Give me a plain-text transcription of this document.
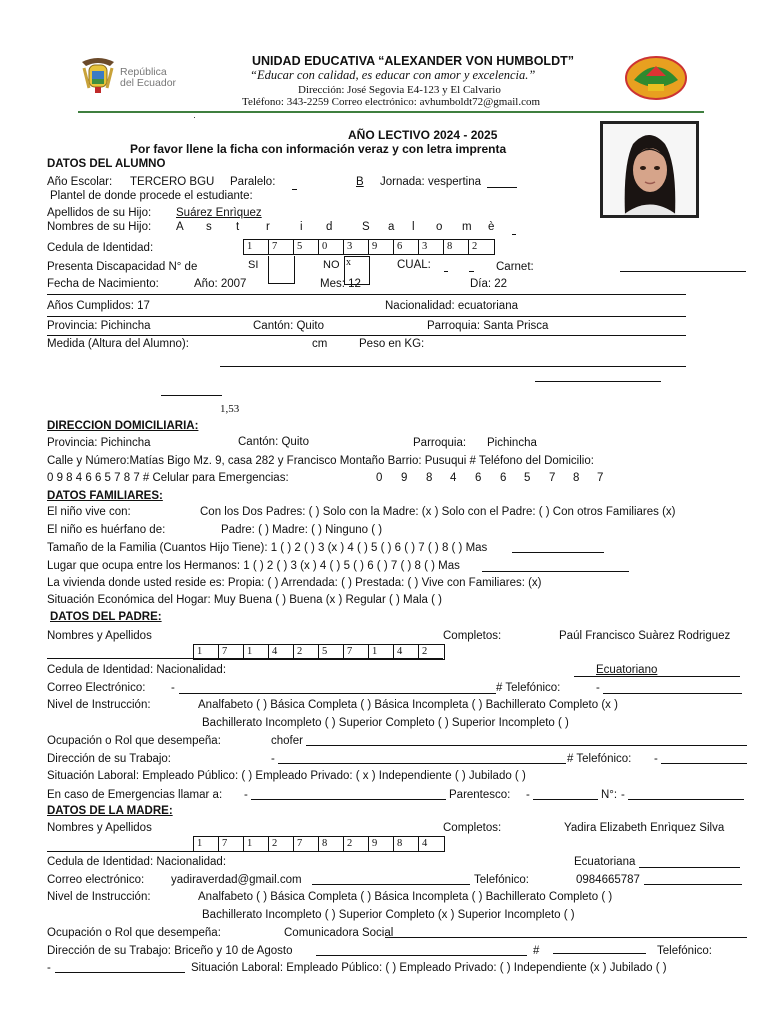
República
del Ecuador
UNIDAD EDUCATIVA “ALEXANDER VON HUMBOLDT”
“Educar con calidad, es educar con amor y excelencia.”
Dirección: José Segovia E4-123 y El Calvario
Teléfono: 343-2259 Correo electrónico: avhumboldt72@gmail.com
·
AÑO LECTIVO 2024 - 2025
Por favor llene la ficha con información veraz y con letra imprenta
DATOS DEL ALUMNO
Año Escolar: TERCERO BGU Paralelo:	B Jornada: vespertina
Plantel de donde procede el estudiante:
Apellidos de su Hijo: Suárez Enrìquez
Nombres de su Hijo: A s t r	i d	S a l o m è
Cedula de Identidad:	1	7	5	0	3	9	6	3	8	2
Presenta Discapacidad N° de	SI	NO x	CUAL:	Carnet:
Fecha de Nacimiento:	Año: 2007	Mes: 12	Día: 22
Años Cumplidos: 17	Nacionalidad: ecuatoriana
Provincia: Pichincha	Cantón: Quito	Parroquia: Santa Prisca
Medida (Altura del Alumno):	cm	Peso en KG:
1,53
DIRECCION DOMICILIARIA:
Provincia: Pichincha	Cantón: Quito	Parroquia: Pichincha
Calle y Número:Matías Bigo Mz. 9, casa 282 y Francisco Montaño Barrio: Pusuqui # Teléfono del Domicilio:
0 9 8 4 6 6 5 7 8 7 # Celular para Emergencias:	0 9 8 4 6 6 5 7 8 7
DATOS FAMILIARES:
El niño vive con:	Con los Dos Padres: ( ) Solo con la Madre: (x ) Solo con el Padre: ( ) Con otros Familiares (x)
El niño es huérfano de:	Padre: ( ) Madre: ( ) Ninguno ( )
Tamaño de la Familia (Cuantos Hijo Tiene): 1 ( ) 2 ( ) 3 (x ) 4 ( ) 5 ( ) 6 ( ) 7 ( ) 8 ( ) Mas
Lugar que ocupa entre los Hermanos: 1 ( ) 2 ( ) 3 (x ) 4 ( ) 5 ( ) 6 ( ) 7 ( ) 8 ( ) Mas
La vivienda donde usted reside es: Propia: ( ) Arrendada: ( ) Prestada: ( ) Vive con Familiares: (x)
Situación Económica del Hogar: Muy Buena ( ) Buena (x ) Regular ( ) Mala ( )
DATOS DEL PADRE:
Nombres y Apellidos	Completos:	Paúl Francisco Suàrez Rodriguez
1	7	1	4	2	5	7	1	4	2
Cedula de Identidad: Nacionalidad:	Ecuatoriano
Correo Electrónico: -	# Telefónico:	-
Nivel de Instrucción:	Analfabeto ( ) Básica Completa ( ) Básica Incompleta ( ) Bachillerato Completo (x )
Bachillerato Incompleto ( ) Superior Completo ( ) Superior Incompleto ( )
Ocupación o Rol que desempeña:	chofer
Dirección de su Trabajo:	-	# Telefónico: -
Situación Laboral: Empleado Público: ( ) Empleado Privado: ( x ) Independiente ( ) Jubilado ( )
En caso de Emergencias llamar a: -	Parentesco: -	N°: -
DATOS DE LA MADRE:
Nombres y Apellidos	Completos:	Yadira Elizabeth Enrìquez Silva
1	7	1	2	7	8	2	9	8	4
Cedula de Identidad: Nacionalidad:	Ecuatoriana
Correo electrónico: yadiraverdad@gmail.com	Telefónico:	0984665787
Nivel de Instrucción:	Analfabeto ( ) Básica Completa ( ) Básica Incompleta ( ) Bachillerato Completo ( )
Bachillerato Incompleto ( ) Superior Completo (x ) Superior Incompleto ( )
Ocupación o Rol que desempeña:	Comunicadora Social
Dirección de su Trabajo: Briceño y 10 de Agosto	#	Telefónico:
-	Situación Laboral: Empleado Público: ( ) Empleado Privado: ( ) Independiente (x ) Jubilado ( )
